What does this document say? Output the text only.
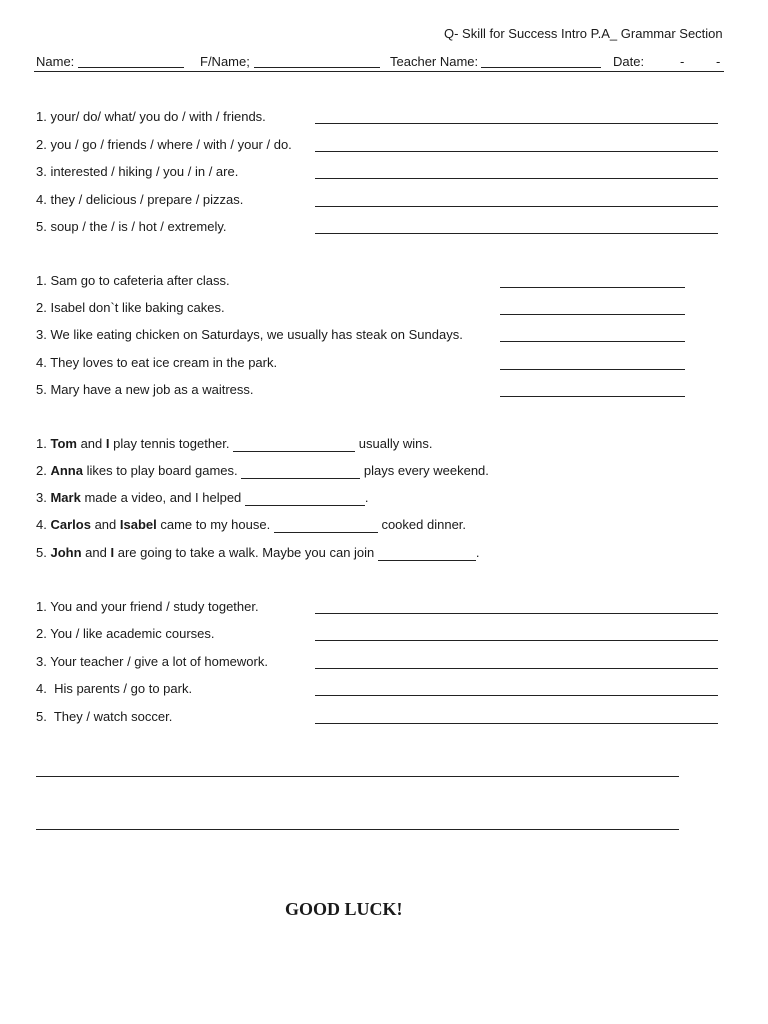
Q- Skill for Success Intro P.A_ Grammar Section
Name:	F/Name;	Teacher Name:	Date:	- -
1. your/ do/ what/ you do / with / friends.
2. you / go / friends / where / with / your / do.
3. interested / hiking / you / in / are.
4. they / delicious / prepare / pizzas.
5. soup / the / is / hot / extremely.
1. Sam go to cafeteria after class.
2. Isabel don`t like baking cakes.
3. We like eating chicken on Saturdays, we usually has steak on Sundays.
4. They loves to eat ice cream in the park.
5. Mary have a new job as a waitress.
1. Tom and I play tennis together.	usually wins.
2. Anna likes to play board games.	plays every weekend.
3. Mark made a video, and I helped	.
4. Carlos and Isabel came to my house.	cooked dinner.
5. John and I are going to take a walk. Maybe you can join	.
1. You and your friend / study together.
2. You / like academic courses.
3. Your teacher / give a lot of homework.
4.  His parents / go to park.
5.  They / watch soccer.
GOOD LUCK!
